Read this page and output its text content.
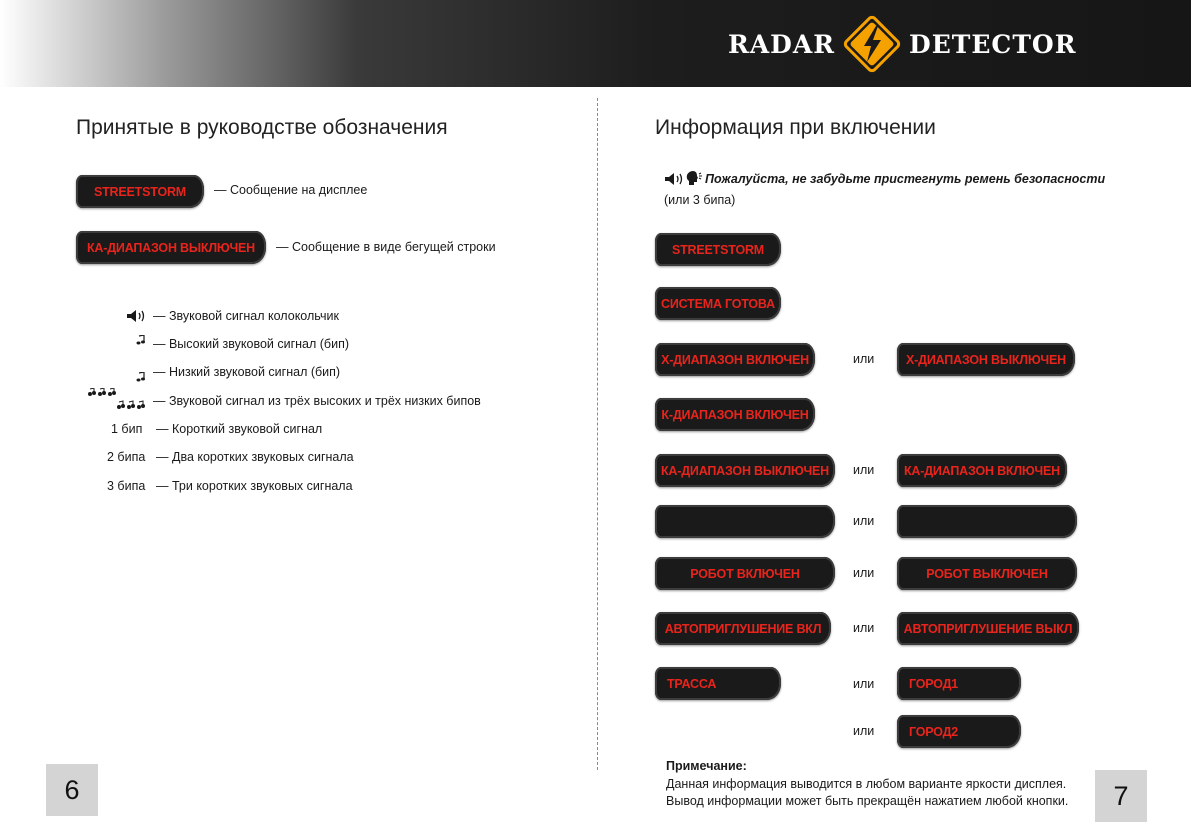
RADAR	DETECTOR
Принятые в руководстве обозначения
STREETSTORM — Сообщение на дисплее
КА-ДИАПАЗОН ВЫКЛЮЧЕН — Сообщение в виде бегущей строки
— Звуковой сигнал колокольчик
— Высокий звуковой сигнал (бип)
— Низкий звуковой сигнал (бип)
— Звуковой сигнал из трёх высоких и трёх низких бипов
1 бип — Короткий звуковой сигнал
2 бипа — Два коротких звуковых сигнала
3 бипа — Три коротких звуковых сигнала
6
Информация при включении
Пожалуйста, не забудьте пристегнуть ремень безопасности
(или 3 бипа)
STREETSTORM
СИСТЕМА ГОТОВА
Х-ДИАПАЗОН ВКЛЮЧЕН	или	Х-ДИАПАЗОН ВЫКЛЮЧЕН
К-ДИАПАЗОН ВКЛЮЧЕН
КА-ДИАПАЗОН ВЫКЛЮЧЕН или КА-ДИАПАЗОН ВКЛЮЧЕН
или
РОБОТ ВКЛЮЧЕН	или	РОБОТ ВЫКЛЮЧЕН
АВТОПРИГЛУШЕНИЕ ВКЛ	или АВТОПРИГЛУШЕНИЕ ВЫКЛ
ТРАССА	или	ГОРОД1
или	ГОРОД2
Примечание:
Данная информация выводится в любом варианте яркости дисплея.
Вывод информации может быть прекращён нажатием любой кнопки.	7
